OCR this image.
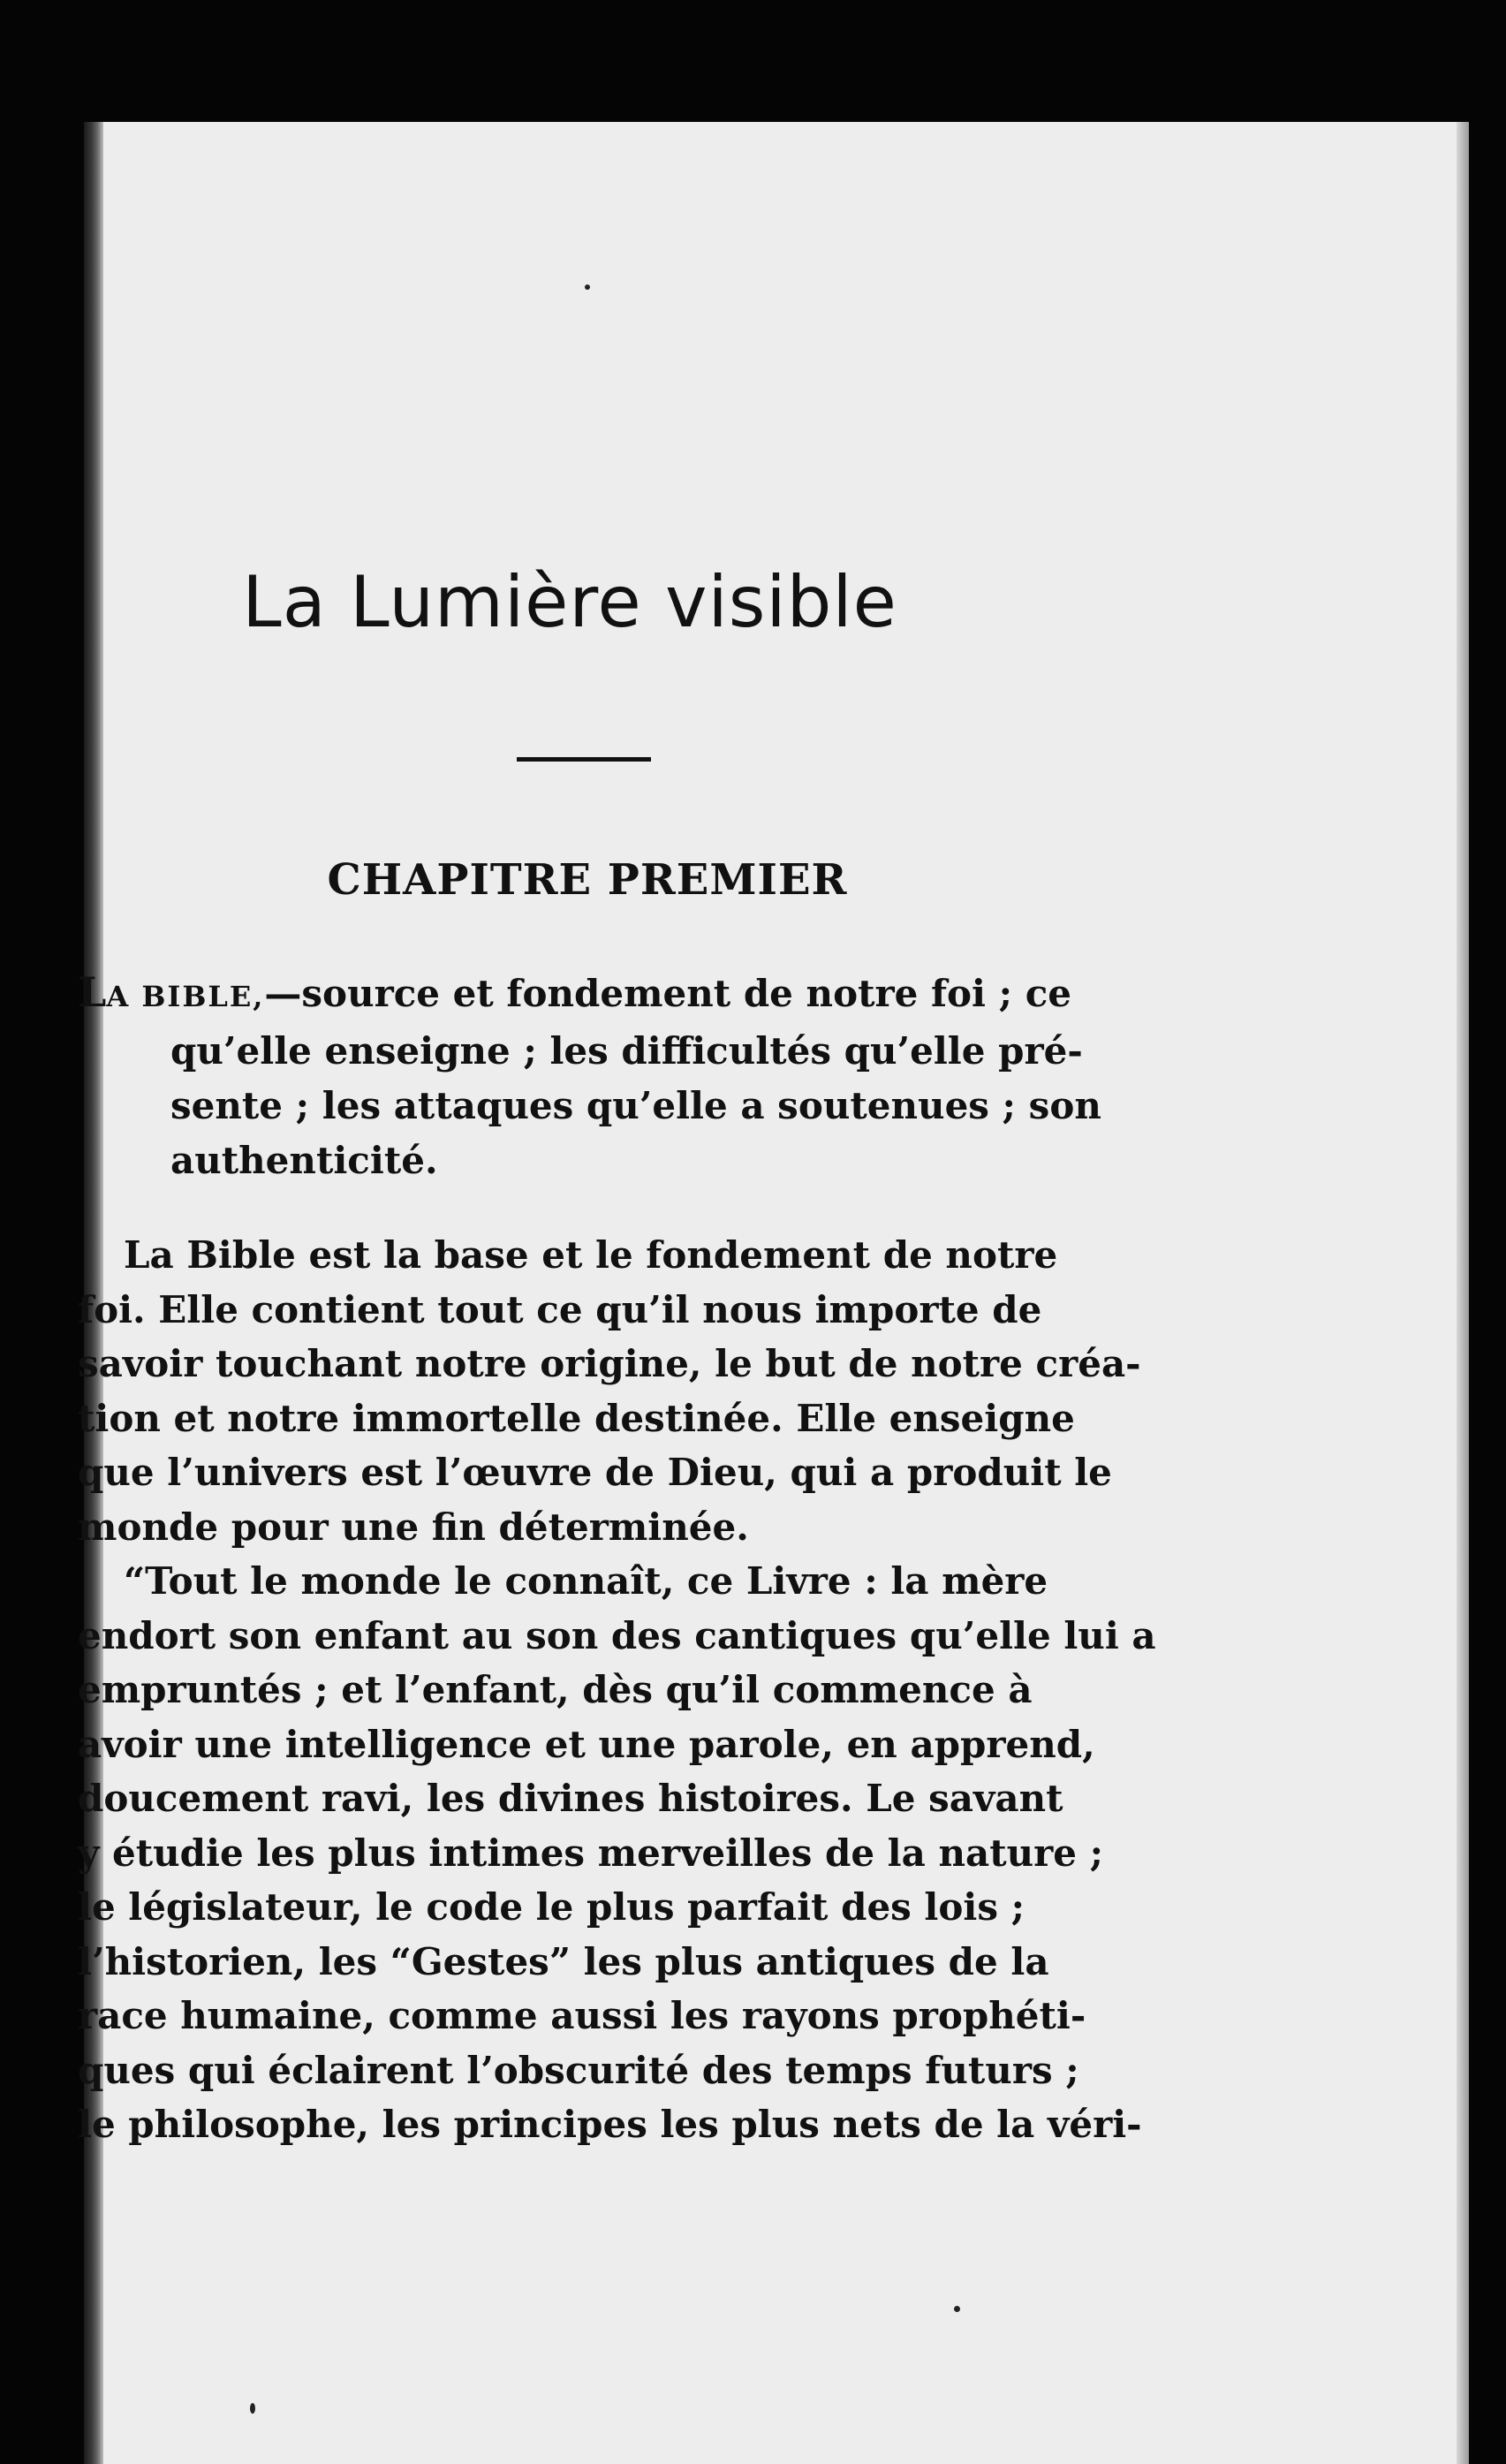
La Lumière visible
CHAPITRE PREMIER

LA BIBLE,—source et fondement de notre foi ; ce
qu’elle enseigne ; les difficultés qu’elle pré-
sente ; les attaques qu’elle a soutenues ; son
authenticité.

La Bible est la base et le fondement de notre
foi. Elle contient tout ce qu’il nous importe de
savoir touchant notre origine, le but de notre créa-
tion et notre immortelle destinée. Elle enseigne
que l’univers est l’œuvre de Dieu, qui a produit le
monde pour une fin déterminée.
“Tout le monde le connaît, ce Livre : la mère
endort son enfant au son des cantiques qu’elle lui a
empruntés ; et l’enfant, dès qu’il commence à
avoir une intelligence et une parole, en apprend,
doucement ravi, les divines histoires. Le savant
y étudie les plus intimes merveilles de la nature ;
le législateur, le code le plus parfait des lois ;
l’historien, les “Gestes” les plus antiques de la
race humaine, comme aussi les rayons prophéti-
ques qui éclairent l’obscurité des temps futurs ;
le philosophe, les principes les plus nets de la véri-
